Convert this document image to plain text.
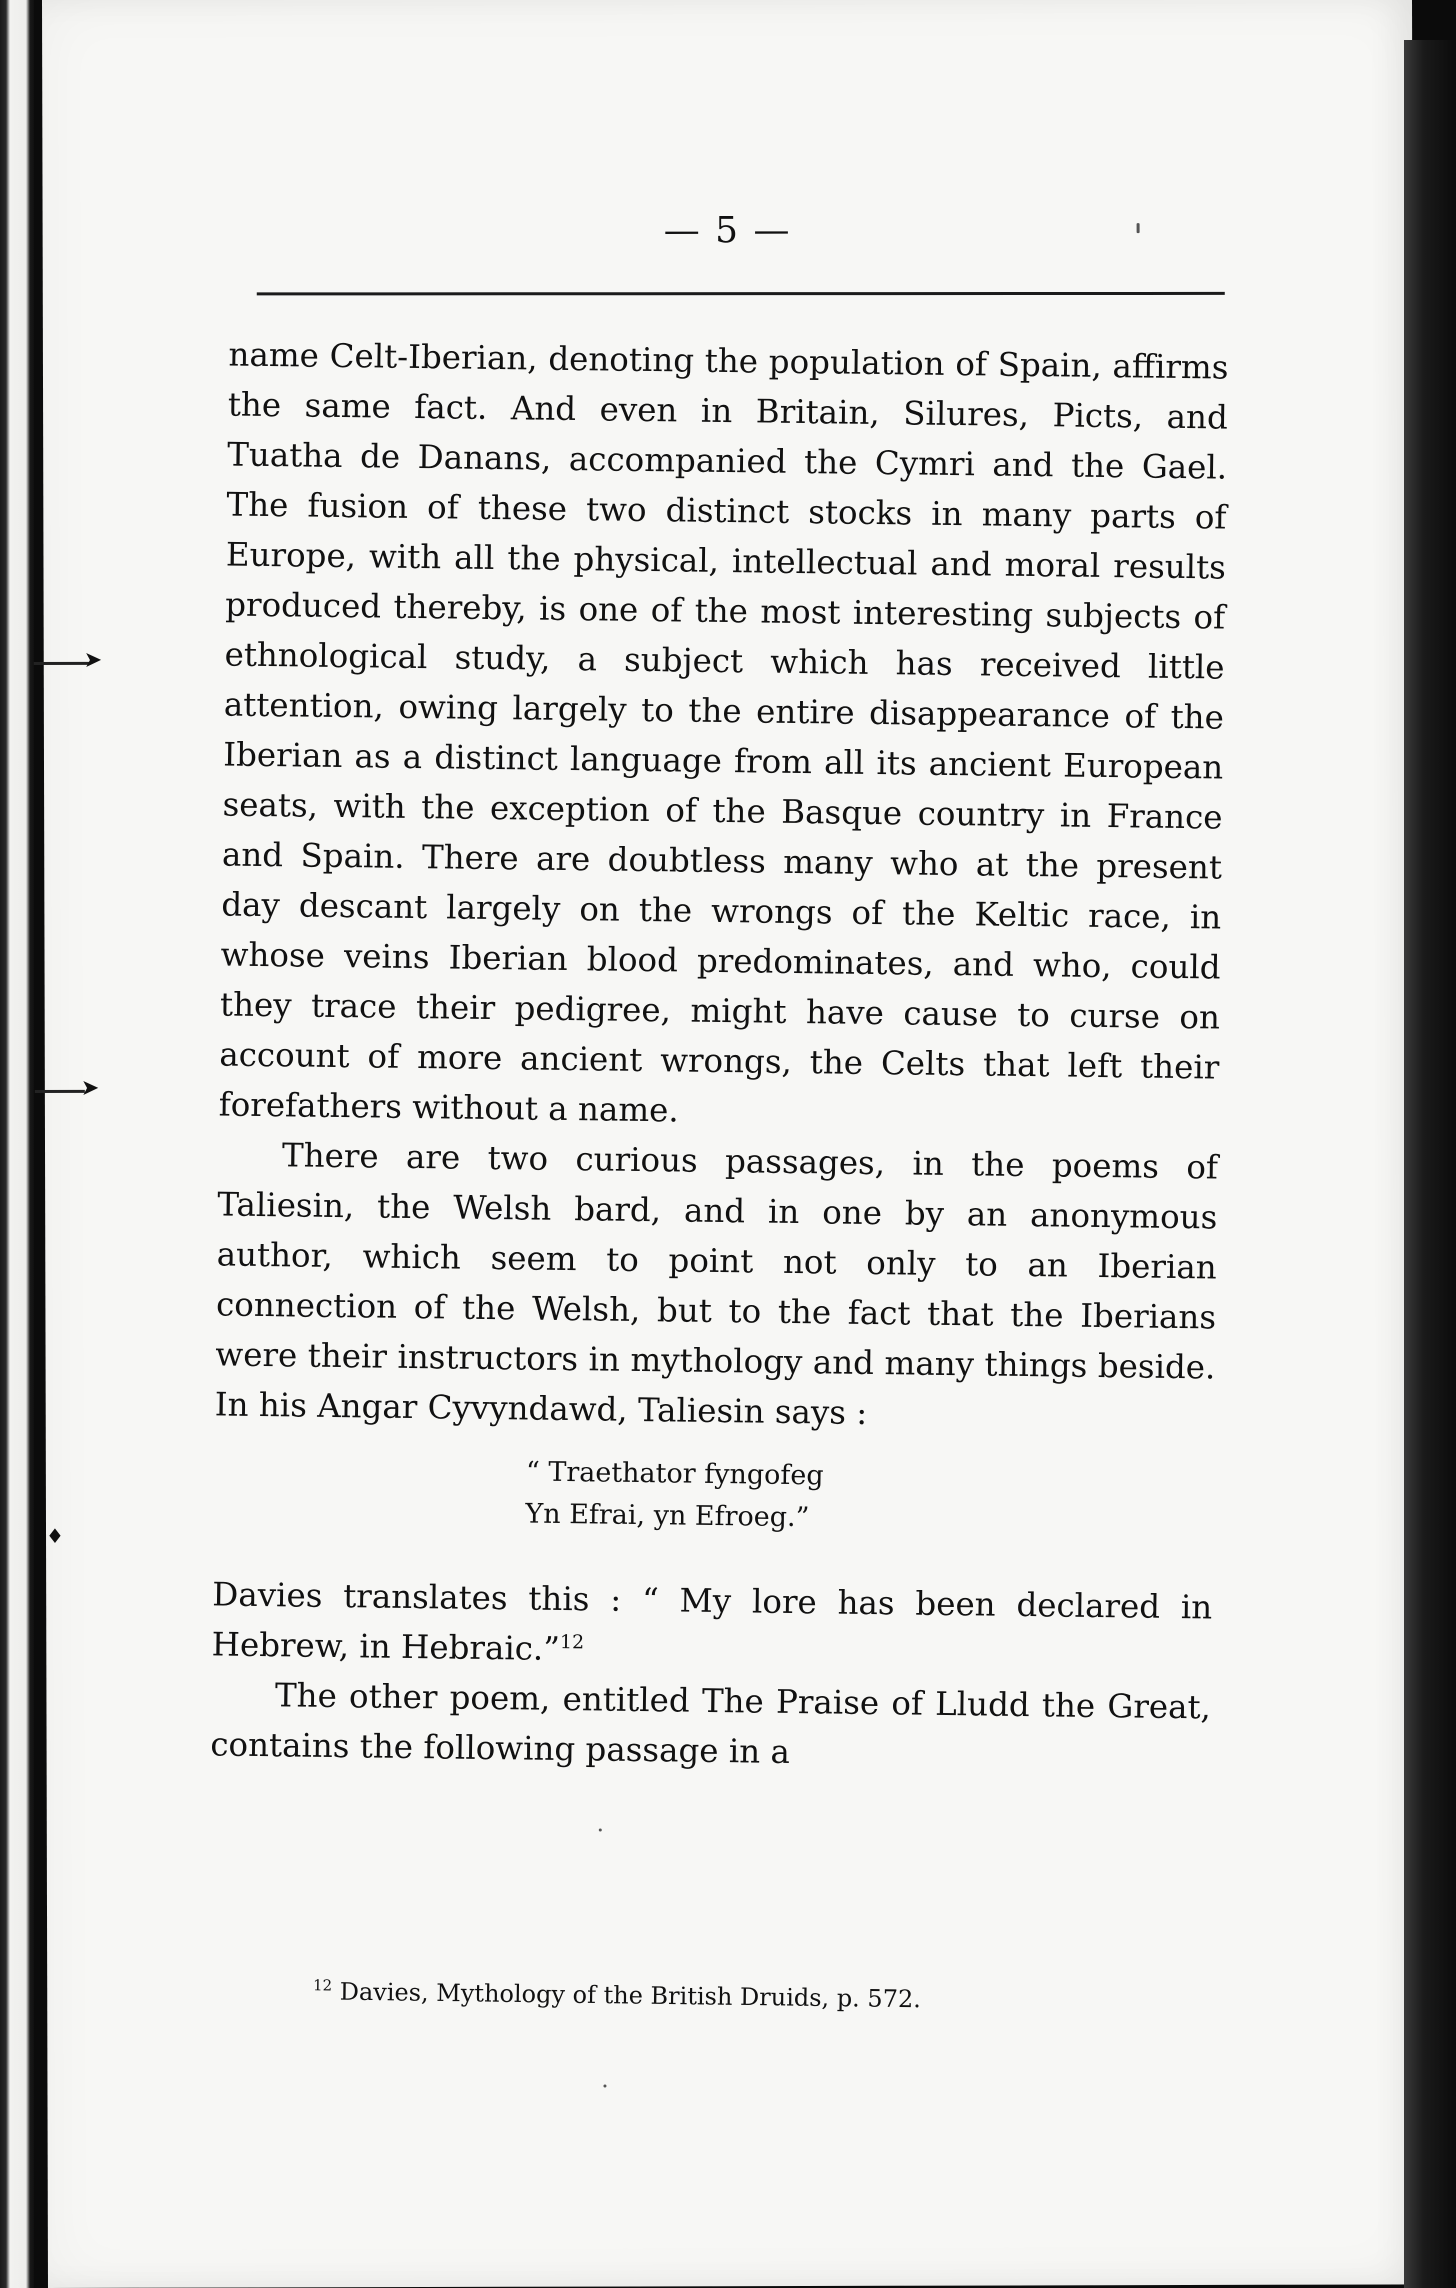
➤
➤
♦
— 5 —

name Celt-Iberian, denoting the population of Spain, affirms the same fact. And even in Britain, Silures, Picts, and Tuatha de Danans, accompanied the Cymri and the Gael. The fusion of these two distinct stocks in many parts of Europe, with all the physical, intellectual and moral results produced thereby, is one of the most interesting subjects of ethnological study, a subject which has received little attention, owing largely to the entire disappearance of the Iberian as a distinct language from all its ancient European seats, with the exception of the Basque country in France and Spain. There are doubtless many who at the present day descant largely on the wrongs of the Keltic race, in whose veins Iberian blood predominates, and who, could they trace their pedigree, might have cause to curse on account of more ancient wrongs, the Celts that left their forefathers without a name.

There are two curious passages, in the poems of Taliesin, the Welsh bard, and in one by an anonymous author, which seem to point not only to an Iberian connection of the Welsh, but to the fact that the Iberians were their instructors in mythology and many things beside. In his Angar Cyvyndawd, Taliesin says :

“ Traethator fyngofeg
Yn Efrai, yn Efroeg.”

Davies translates this : “ My lore has been declared in Hebrew, in Hebraic.”$^{12}$

The other poem, entitled The Praise of Lludd the Great, contains the following passage in a

$^{12}$ Davies, Mythology of the British Druids, p. 572.
